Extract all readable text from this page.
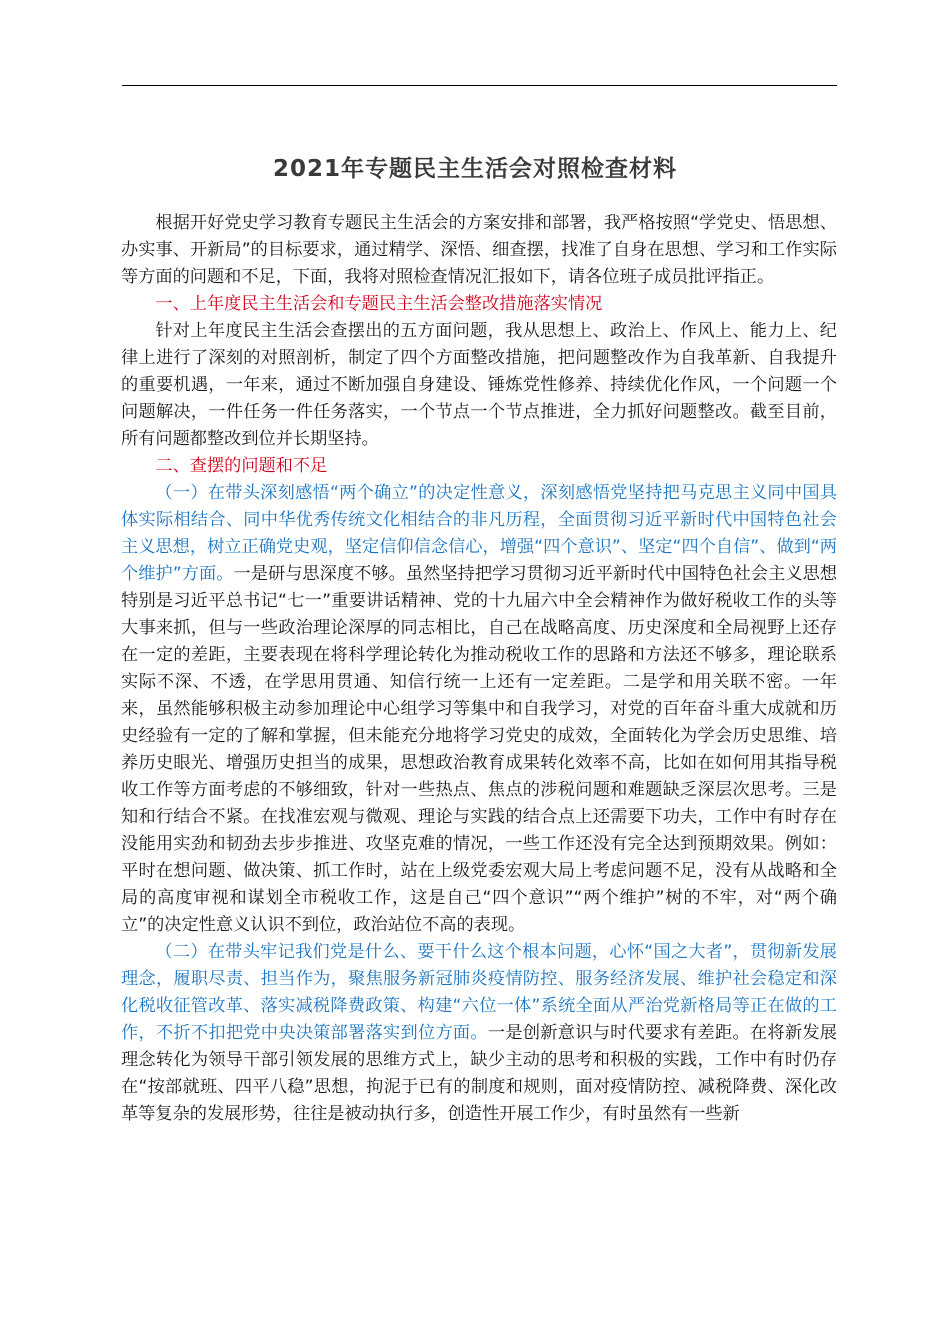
2021年专题民主生活会对照检查材料

根据开好党史学习教育专题民主生活会的方案安排和部署，我严格按照“学党史、悟思想、办实事、开新局”的目标要求，通过精学、深悟、细查摆，找准了自身在思想、学习和工作实际等方面的问题和不足，下面，我将对照检查情况汇报如下，请各位班子成员批评指正。

一、上年度民主生活会和专题民主生活会整改措施落实情况

针对上年度民主生活会查摆出的五方面问题，我从思想上、政治上、作风上、能力上、纪律上进行了深刻的对照剖析，制定了四个方面整改措施，把问题整改作为自我革新、自我提升的重要机遇，一年来，通过不断加强自身建设、锤炼党性修养、持续优化作风，一个问题一个问题解决，一件任务一件任务落实，一个节点一个节点推进，全力抓好问题整改。截至目前，所有问题都整改到位并长期坚持。

二、查摆的问题和不足

（一）在带头深刻感悟“两个确立”的决定性意义，深刻感悟党坚持把马克思主义同中国具体实际相结合、同中华优秀传统文化相结合的非凡历程，全面贯彻习近平新时代中国特色社会主义思想，树立正确党史观，坚定信仰信念信心，增强“四个意识”、坚定“四个自信”、做到“两个维护”方面。一是研与思深度不够。虽然坚持把学习贯彻习近平新时代中国特色社会主义思想特别是习近平总书记“七一”重要讲话精神、党的十九届六中全会精神作为做好税收工作的头等大事来抓，但与一些政治理论深厚的同志相比，自己在战略高度、历史深度和全局视野上还存在一定的差距，主要表现在将科学理论转化为推动税收工作的思路和方法还不够多，理论联系实际不深、不透，在学思用贯通、知信行统一上还有一定差距。二是学和用关联不密。一年来，虽然能够积极主动参加理论中心组学习等集中和自我学习，对党的百年奋斗重大成就和历史经验有一定的了解和掌握，但未能充分地将学习党史的成效，全面转化为学会历史思维、培养历史眼光、增强历史担当的成果，思想政治教育成果转化效率不高，比如在如何用其指导税收工作等方面考虑的不够细致，针对一些热点、焦点的涉税问题和难题缺乏深层次思考。三是知和行结合不紧。在找准宏观与微观、理论与实践的结合点上还需要下功夫，工作中有时存在没能用实劲和韧劲去步步推进、攻坚克难的情况，一些工作还没有完全达到预期效果。例如：平时在想问题、做决策、抓工作时，站在上级党委宏观大局上考虑问题不足，没有从战略和全局的高度审视和谋划全市税收工作，这是自己“四个意识”“两个维护”树的不牢，对“两个确立”的决定性意义认识不到位，政治站位不高的表现。

（二）在带头牢记我们党是什么、要干什么这个根本问题，心怀“国之大者”，贯彻新发展理念，履职尽责、担当作为，聚焦服务新冠肺炎疫情防控、服务经济发展、维护社会稳定和深化税收征管改革、落实减税降费政策、构建“六位一体”系统全面从严治党新格局等正在做的工作，不折不扣把党中央决策部署落实到位方面。一是创新意识与时代要求有差距。在将新发展理念转化为领导干部引领发展的思维方式上，缺少主动的思考和积极的实践，工作中有时仍存在“按部就班、四平八稳”思想，拘泥于已有的制度和规则，面对疫情防控、减税降费、深化改革等复杂的发展形势，往往是被动执行多，创造性开展工作少，有时虽然有一些新
